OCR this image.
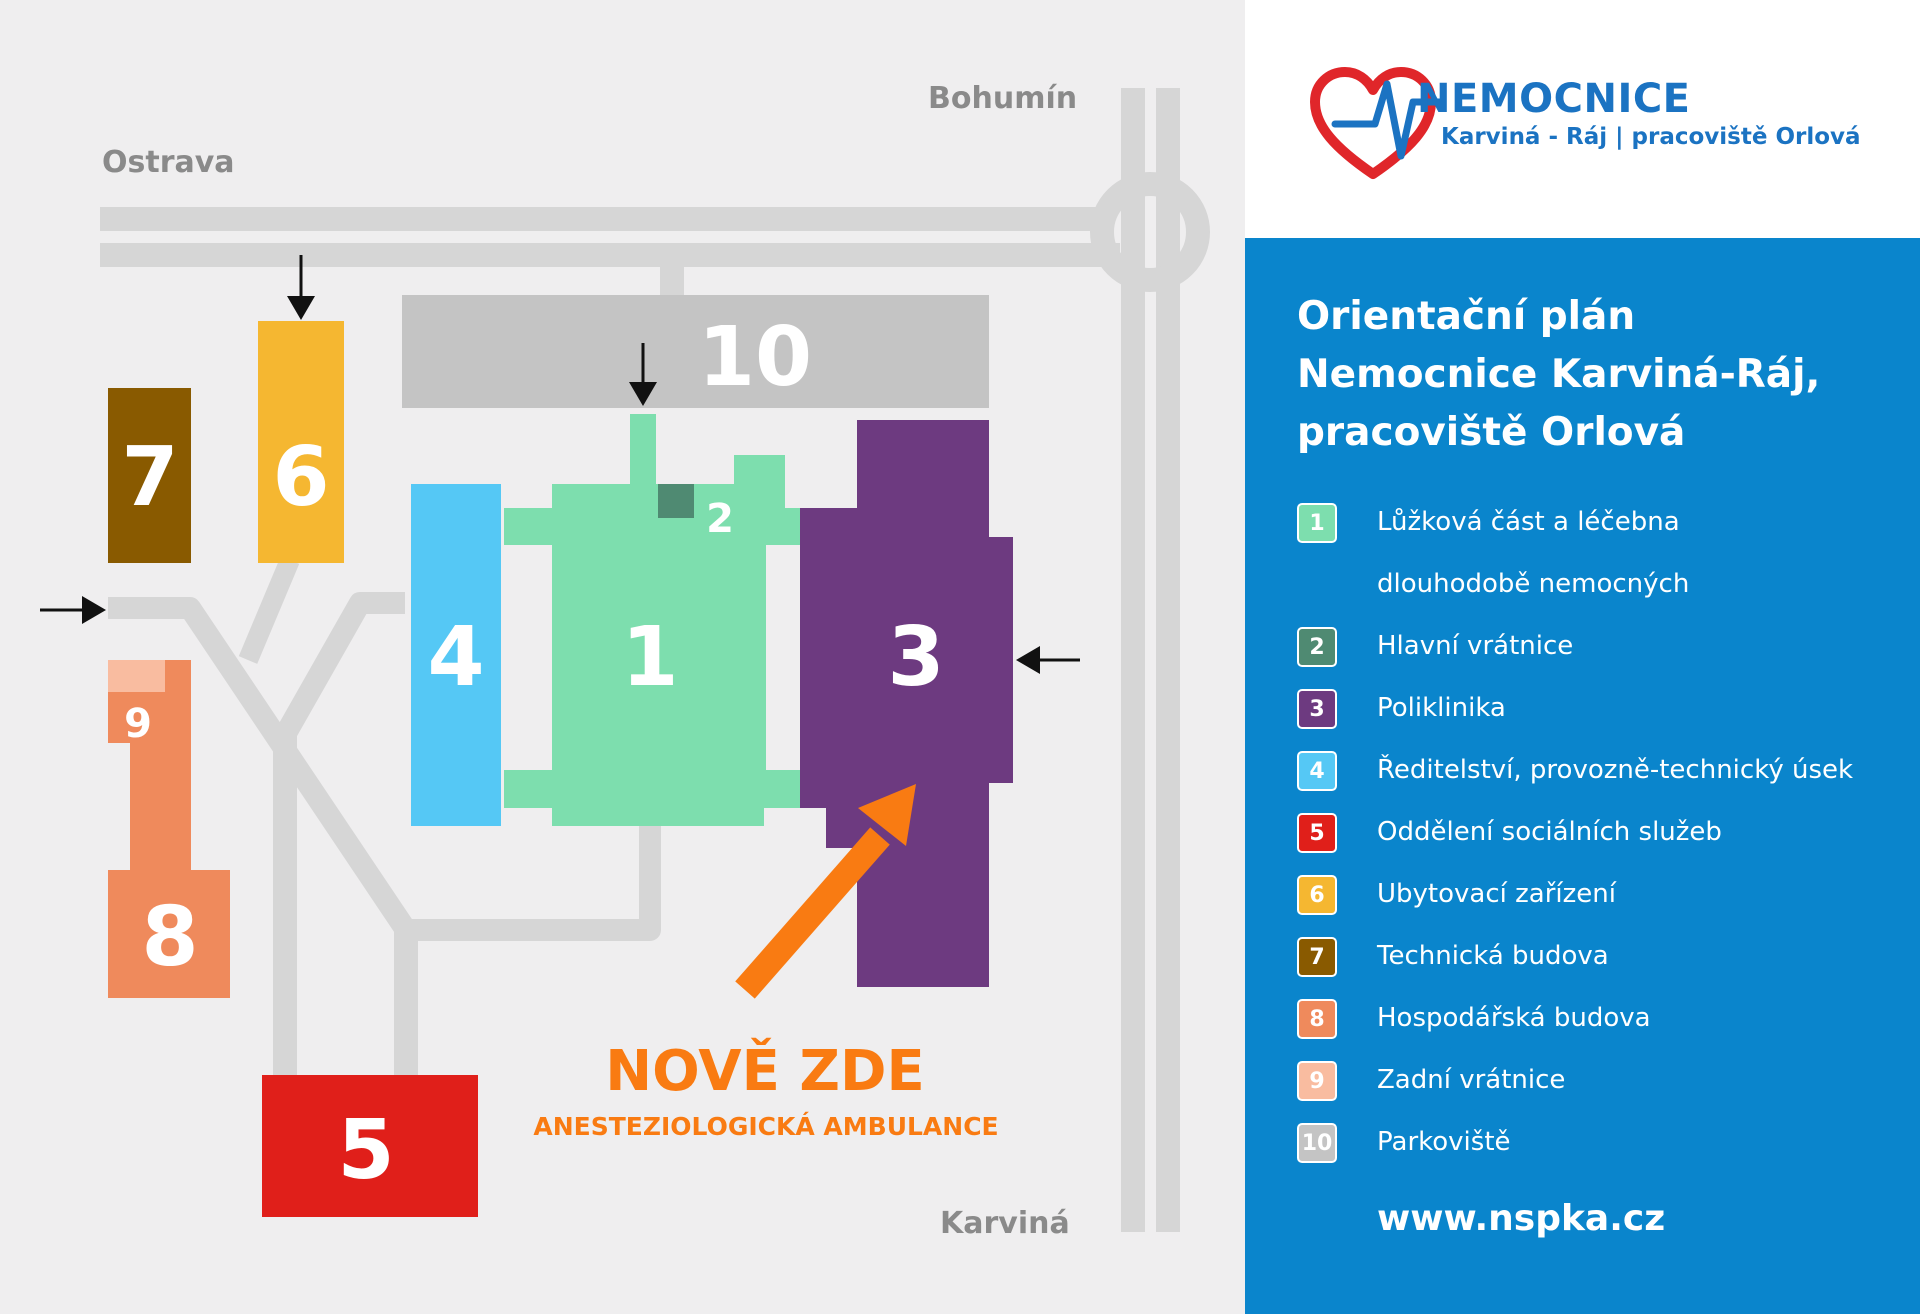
10
7 6
9
8
4 1
2
3
5
Ostrava
Bohumín
Karviná
NOVĚ ZDE
ANESTEZIOLOGICKÁ AMBULANCE
NEMOCNICE
Karviná - Ráj | pracoviště Orlová
Orientační plán
Nemocnice Karviná-Ráj,
pracoviště Orlová
1	Lůžková část a léčebna
dlouhodobě nemocných
2	Hlavní vrátnice
3	Poliklinika
4	Ředitelství, provozně-technický úsek
5	Oddělení sociálních služeb
6	Ubytovací zařízení
7	Technická budova
8	Hospodářská budova
9	Zadní vrátnice
10 Parkoviště
www.nspka.cz
